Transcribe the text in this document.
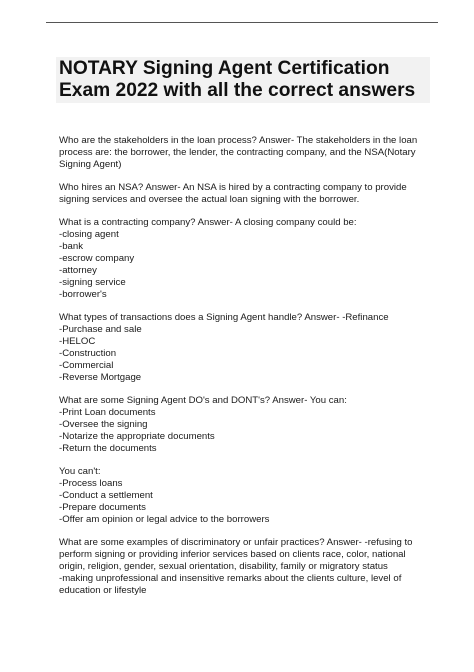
NOTARY Signing Agent Certification
Exam 2022 with all the correct answers
Who are the stakeholders in the loan process? Answer- The stakeholders in the loan
process are: the borrower, the lender, the contracting company, and the NSA(Notary
Signing Agent)
Who hires an NSA? Answer- An NSA is hired by a contracting company to provide
signing services and oversee the actual loan signing with the borrower.
What is a contracting company? Answer- A closing company could be:
-closing agent
-bank
-escrow company
-attorney
-signing service
-borrower's
What types of transactions does a Signing Agent handle? Answer- -Refinance
-Purchase and sale
-HELOC
-Construction
-Commercial
-Reverse Mortgage
What are some Signing Agent DO's and DONT's? Answer- You can:
-Print Loan documents
-Oversee the signing
-Notarize the appropriate documents
-Return the documents
You can't:
-Process loans
-Conduct a settlement
-Prepare documents
-Offer am opinion or legal advice to the borrowers
What are some examples of discriminatory or unfair practices? Answer- -refusing to
perform signing or providing inferior services based on clients race, color, national
origin, religion, gender, sexual orientation, disability, family or migratory status
-making unprofessional and insensitive remarks about the clients culture, level of
education or lifestyle
